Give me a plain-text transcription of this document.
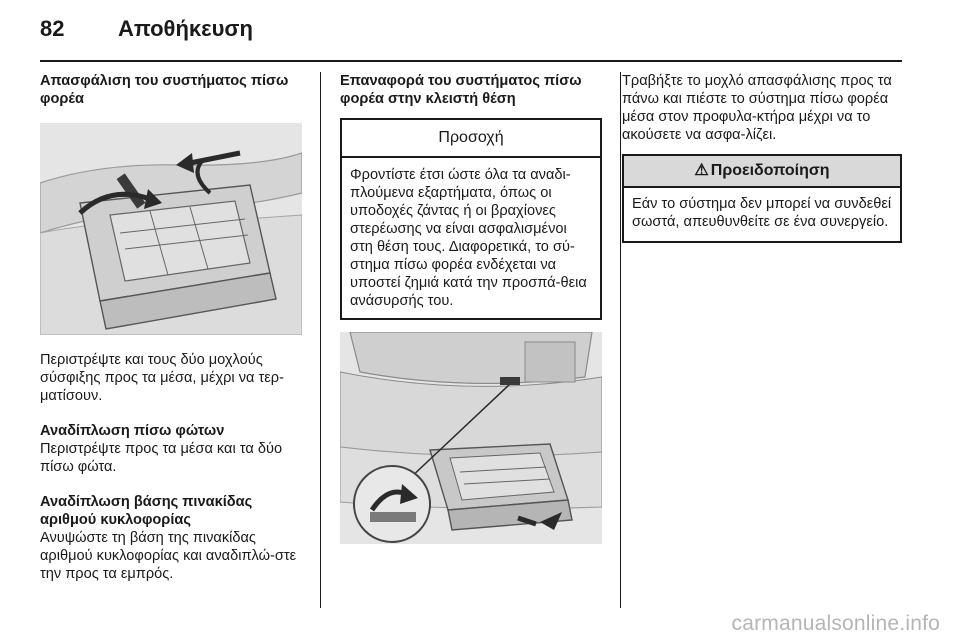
82 Αποθήκευση
Απασφάλιση του συστήματος πίσω φορέα
Περιστρέψτε και τους δύο μοχλούς σύσφιξης προς τα μέσα, μέχρι να τερ-ματίσουν.
Αναδίπλωση πίσω φώτων
Περιστρέψτε προς τα μέσα και τα δύο πίσω φώτα.
Αναδίπλωση βάσης πινακίδας αριθμού κυκλοφορίας
Ανυψώστε τη βάση της πινακίδας αριθμού κυκλοφορίας και αναδιπλώ-στε την προς τα εμπρός.
Επαναφορά του συστήματος πίσω φορέα στην κλειστή θέση
Προσοχή
Φροντίστε έτσι ώστε όλα τα αναδι-πλούμενα εξαρτήματα, όπως οι υποδοχές ζάντας ή οι βραχίονες στερέωσης να είναι ασφαλισμένοι στη θέση τους. Διαφορετικά, το σύ-στημα πίσω φορέα ενδέχεται να υποστεί ζημιά κατά την προσπά-θεια ανάσυρσής του.
Τραβήξτε το μοχλό απασφάλισης προς τα πάνω και πιέστε το σύστημα πίσω φορέα μέσα στον προφυλα-κτήρα μέχρι να το ακούσετε να ασφα-λίζει.
⚠ Προειδοποίηση
Εάν το σύστημα δεν μπορεί να συνδεθεί σωστά, απευθυνθείτε σε ένα συνεργείο.
carmanualsonline.info
